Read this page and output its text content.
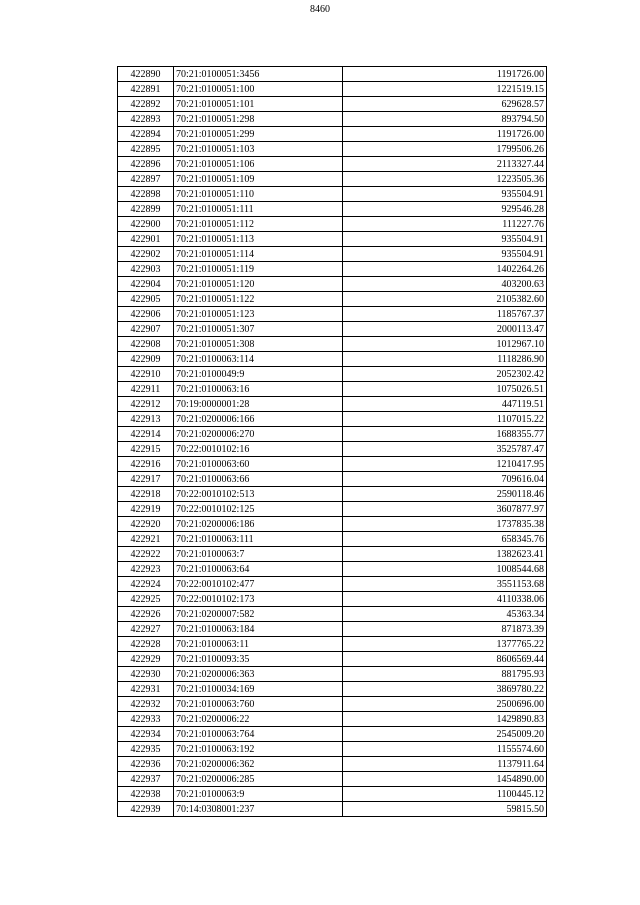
8460
422890	70:21:0100051:3456	1191726.00
422891	70:21:0100051:100	1221519.15
422892	70:21:0100051:101	629628.57
422893	70:21:0100051:298	893794.50
422894	70:21:0100051:299	1191726.00
422895	70:21:0100051:103	1799506.26
422896	70:21:0100051:106	2113327.44
422897	70:21:0100051:109	1223505.36
422898	70:21:0100051:110	935504.91
422899	70:21:0100051:111	929546.28
422900	70:21:0100051:112	111227.76
422901	70:21:0100051:113	935504.91
422902	70:21:0100051:114	935504.91
422903	70:21:0100051:119	1402264.26
422904	70:21:0100051:120	403200.63
422905	70:21:0100051:122	2105382.60
422906	70:21:0100051:123	1185767.37
422907	70:21:0100051:307	2000113.47
422908	70:21:0100051:308	1012967.10
422909	70:21:0100063:114	1118286.90
422910	70:21:0100049:9	2052302.42
422911	70:21:0100063:16	1075026.51
422912	70:19:0000001:28	447119.51
422913	70:21:0200006:166	1107015.22
422914	70:21:0200006:270	1688355.77
422915	70:22:0010102:16	3525787.47
422916	70:21:0100063:60	1210417.95
422917	70:21:0100063:66	709616.04
422918	70:22:0010102:513	2590118.46
422919	70:22:0010102:125	3607877.97
422920	70:21:0200006:186	1737835.38
422921	70:21:0100063:111	658345.76
422922	70:21:0100063:7	1382623.41
422923	70:21:0100063:64	1008544.68
422924	70:22:0010102:477	3551153.68
422925	70:22:0010102:173	4110338.06
422926	70:21:0200007:582	45363.34
422927	70:21:0100063:184	871873.39
422928	70:21:0100063:11	1377765.22
422929	70:21:0100093:35	8606569.44
422930	70:21:0200006:363	881795.93
422931	70:21:0100034:169	3869780.22
422932	70:21:0100063:760	2500696.00
422933	70:21:0200006:22	1429890.83
422934	70:21:0100063:764	2545009.20
422935	70:21:0100063:192	1155574.60
422936	70:21:0200006:362	1137911.64
422937	70:21:0200006:285	1454890.00
422938	70:21:0100063:9	1100445.12
422939	70:14:0308001:237	59815.50
